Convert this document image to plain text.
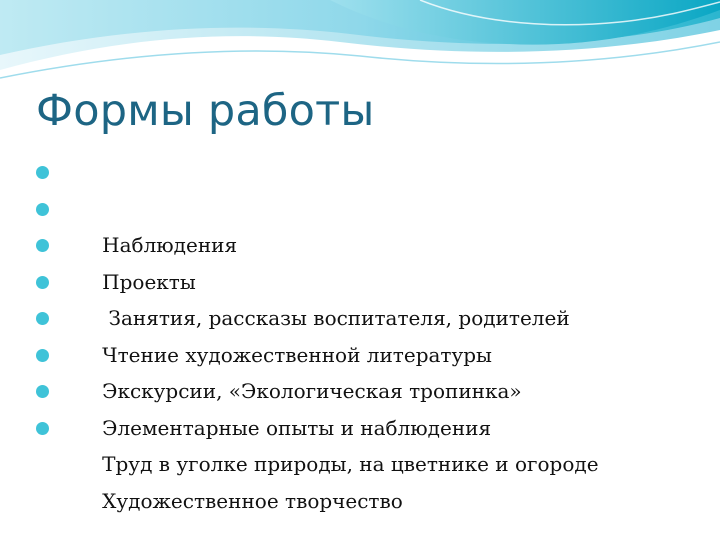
Формы работы

Наблюдения

Проекты

Занятия, рассказы воспитателя, родителей

Чтение художественной литературы

Экскурсии, «Экологическая тропинка»

Элементарные опыты и наблюдения

Труд в уголке природы, на цветнике и огороде

Художественное творчество
